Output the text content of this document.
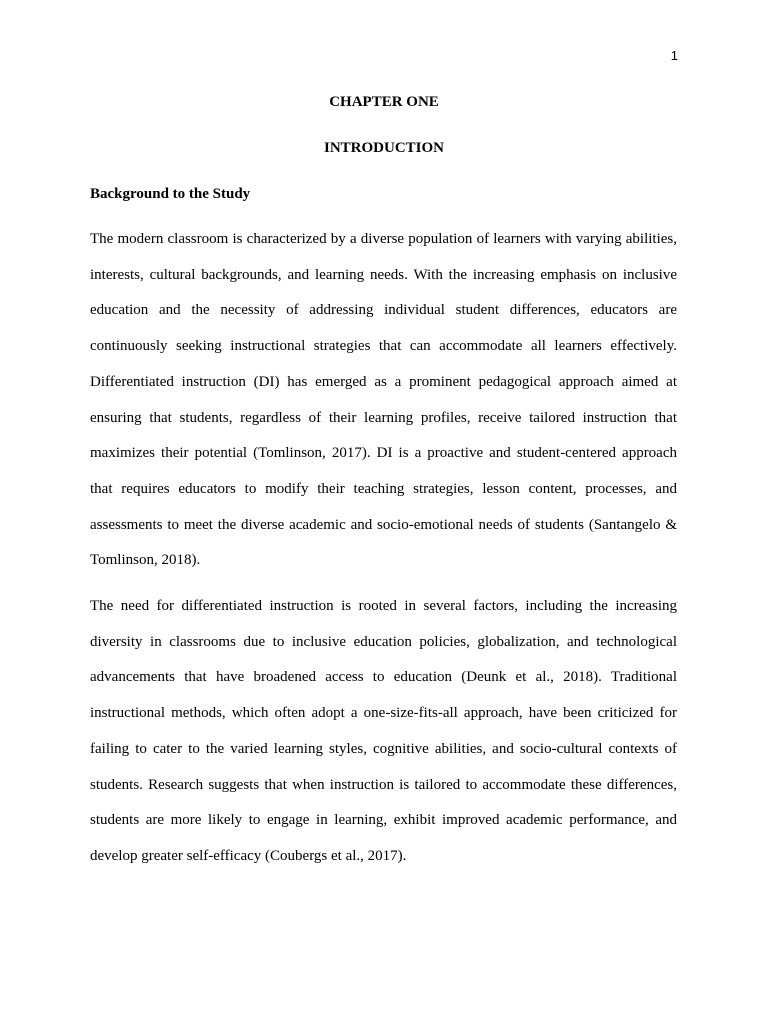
1
CHAPTER ONE
INTRODUCTION
Background to the Study

The modern classroom is characterized by a diverse population of learners with varying abilities, interests, cultural backgrounds, and learning needs. With the increasing emphasis on inclusive education and the necessity of addressing individual student differences, educators are continuously seeking instructional strategies that can accommodate all learners effectively. Differentiated instruction (DI) has emerged as a prominent pedagogical approach aimed at ensuring that students, regardless of their learning profiles, receive tailored instruction that maximizes their potential (Tomlinson, 2017). DI is a proactive and student-centered approach that requires educators to modify their teaching strategies, lesson content, processes, and assessments to meet the diverse academic and socio-emotional needs of students (Santangelo & Tomlinson, 2018).

The need for differentiated instruction is rooted in several factors, including the increasing diversity in classrooms due to inclusive education policies, globalization, and technological advancements that have broadened access to education (Deunk et al., 2018). Traditional instructional methods, which often adopt a one-size-fits-all approach, have been criticized for failing to cater to the varied learning styles, cognitive abilities, and socio-cultural contexts of students. Research suggests that when instruction is tailored to accommodate these differences, students are more likely to engage in learning, exhibit improved academic performance, and develop greater self-efficacy (Coubergs et al., 2017).
